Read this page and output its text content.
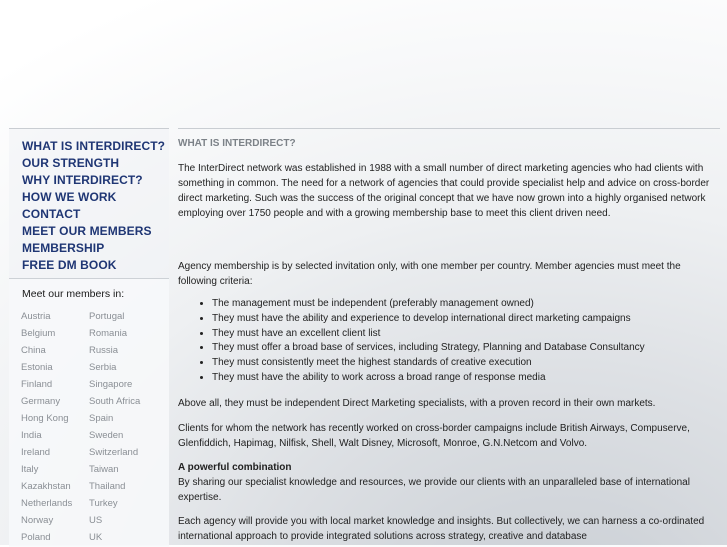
WHAT IS INTERDIRECT?
OUR STRENGTH
WHY INTERDIRECT?
HOW WE WORK
CONTACT
MEET OUR MEMBERS
MEMBERSHIP
FREE DM BOOK
Meet our members in:
Austria
Belgium
China
Estonia
Finland
Germany
Hong Kong
India
Ireland
Italy
Kazakhstan
Netherlands
Norway
Poland
Portugal
Romania
Russia
Serbia
Singapore
South Africa
Spain
Sweden
Switzerland
Taiwan
Thailand
Turkey
US
UK
WHAT IS INTERDIRECT?

The InterDirect network was established in 1988 with a small number of direct marketing agencies who had clients with something in common. The need for a network of agencies that could provide specialist help and advice on cross-border direct marketing. Such was the success of the original concept that we have now grown into a highly organised network employing over 1750 people and with a growing membership base to meet this client driven need.

Agency membership is by selected invitation only, with one member per country. Member agencies must meet the following criteria:

• The management must be independent (preferably management owned)
• They must have the ability and experience to develop international direct marketing campaigns
• They must have an excellent client list
• They must offer a broad base of services, including Strategy, Planning and Database Consultancy
• They must consistently meet the highest standards of creative execution
• They must have the ability to work across a broad range of response media

Above all, they must be independent Direct Marketing specialists, with a proven record in their own markets.

Clients for whom the network has recently worked on cross-border campaigns include British Airways, Compuserve, Glenfiddich, Hapimag, Nilfisk, Shell, Walt Disney, Microsoft, Monroe, G.N.Netcom and Volvo.

A powerful combination
By sharing our specialist knowledge and resources, we provide our clients with an unparalleled base of international expertise.

Each agency will provide you with local market knowledge and insights. But collectively, we can harness a co-ordinated international approach to provide integrated solutions across strategy, creative and database
